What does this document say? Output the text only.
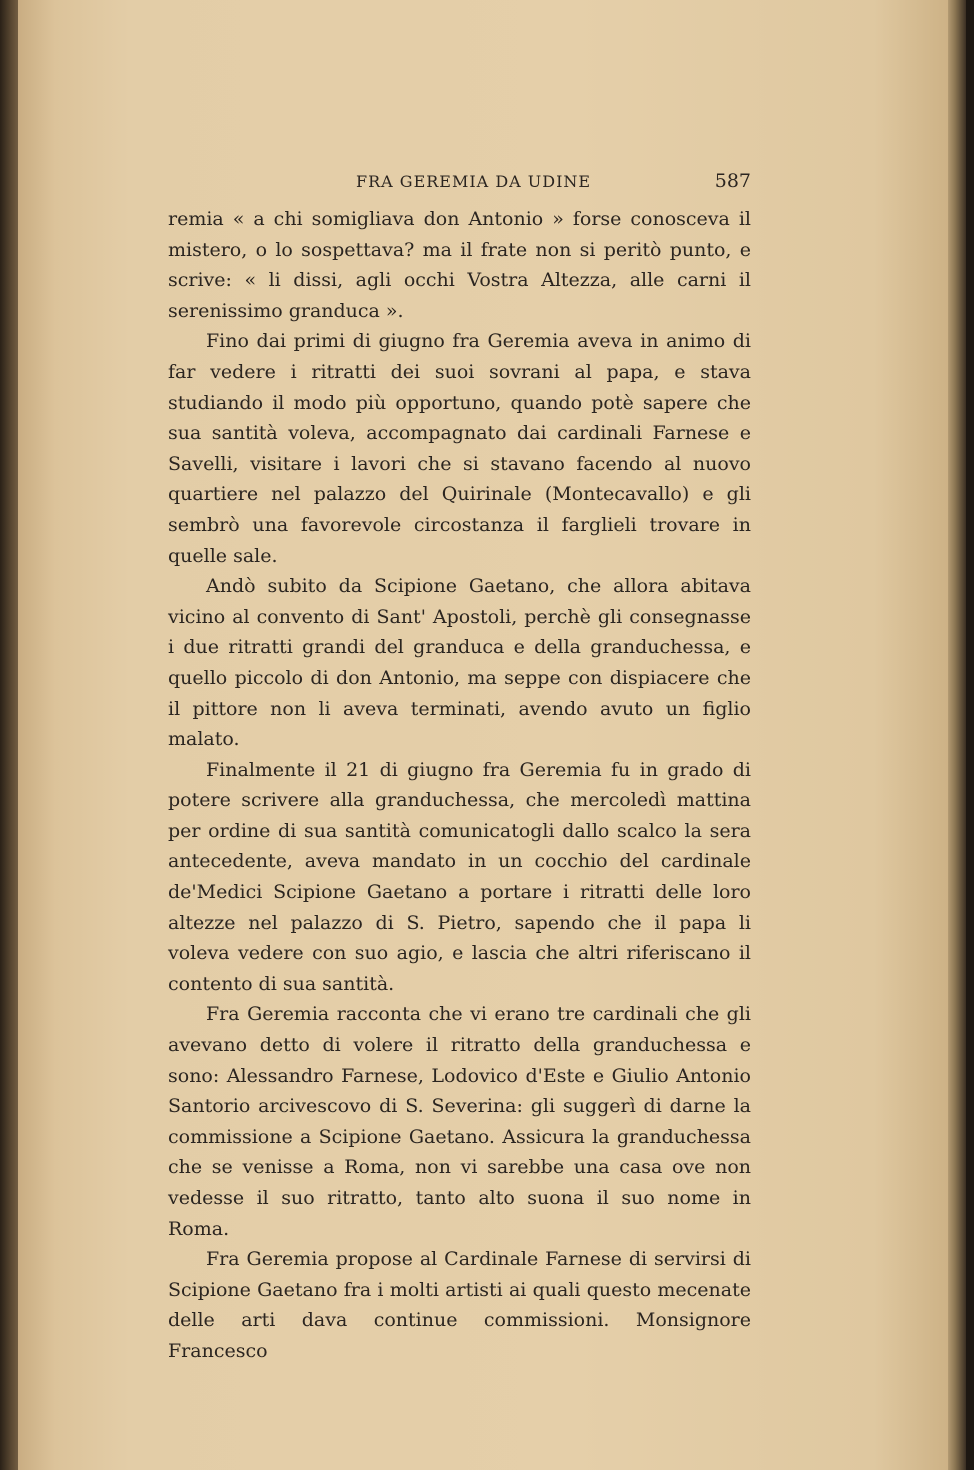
FRA GEREMIA DA UDINE	587

remia « a chi somigliava don Antonio » forse conosceva il mistero, o lo sospettava? ma il frate non si peritò punto, e scrive: « li dissi, agli occhi Vostra Altezza, alle carni il serenissimo granduca ».

Fino dai primi di giugno fra Geremia aveva in animo di far vedere i ritratti dei suoi sovrani al papa, e stava studiando il modo più opportuno, quando potè sapere che sua santità voleva, accompagnato dai cardinali Farnese e Savelli, visitare i lavori che si stavano facendo al nuovo quartiere nel palazzo del Quirinale (Montecavallo) e gli sembrò una favorevole circostanza il farglieli trovare in quelle sale.

Andò subito da Scipione Gaetano, che allora abitava vicino al convento di Sant' Apostoli, perchè gli consegnasse i due ritratti grandi del granduca e della granduchessa, e quello piccolo di don Antonio, ma seppe con dispiacere che il pittore non li aveva terminati, avendo avuto un figlio malato.

Finalmente il 21 di giugno fra Geremia fu in grado di potere scrivere alla granduchessa, che mercoledì mattina per ordine di sua santità comunicatogli dallo scalco la sera antecedente, aveva mandato in un cocchio del cardinale de'Medici Scipione Gaetano a portare i ritratti delle loro altezze nel palazzo di S. Pietro, sapendo che il papa li voleva vedere con suo agio, e lascia che altri riferiscano il contento di sua santità.

Fra Geremia racconta che vi erano tre cardinali che gli avevano detto di volere il ritratto della granduchessa e sono: Alessandro Farnese, Lodovico d'Este e Giulio Antonio Santorio arcivescovo di S. Severina: gli suggerì di darne la commissione a Scipione Gaetano. Assicura la granduchessa che se venisse a Roma, non vi sarebbe una casa ove non vedesse il suo ritratto, tanto alto suona il suo nome in Roma.

Fra Geremia propose al Cardinale Farnese di servirsi di Scipione Gaetano fra i molti artisti ai quali questo mecenate delle arti dava continue commissioni. Monsignore Francesco
